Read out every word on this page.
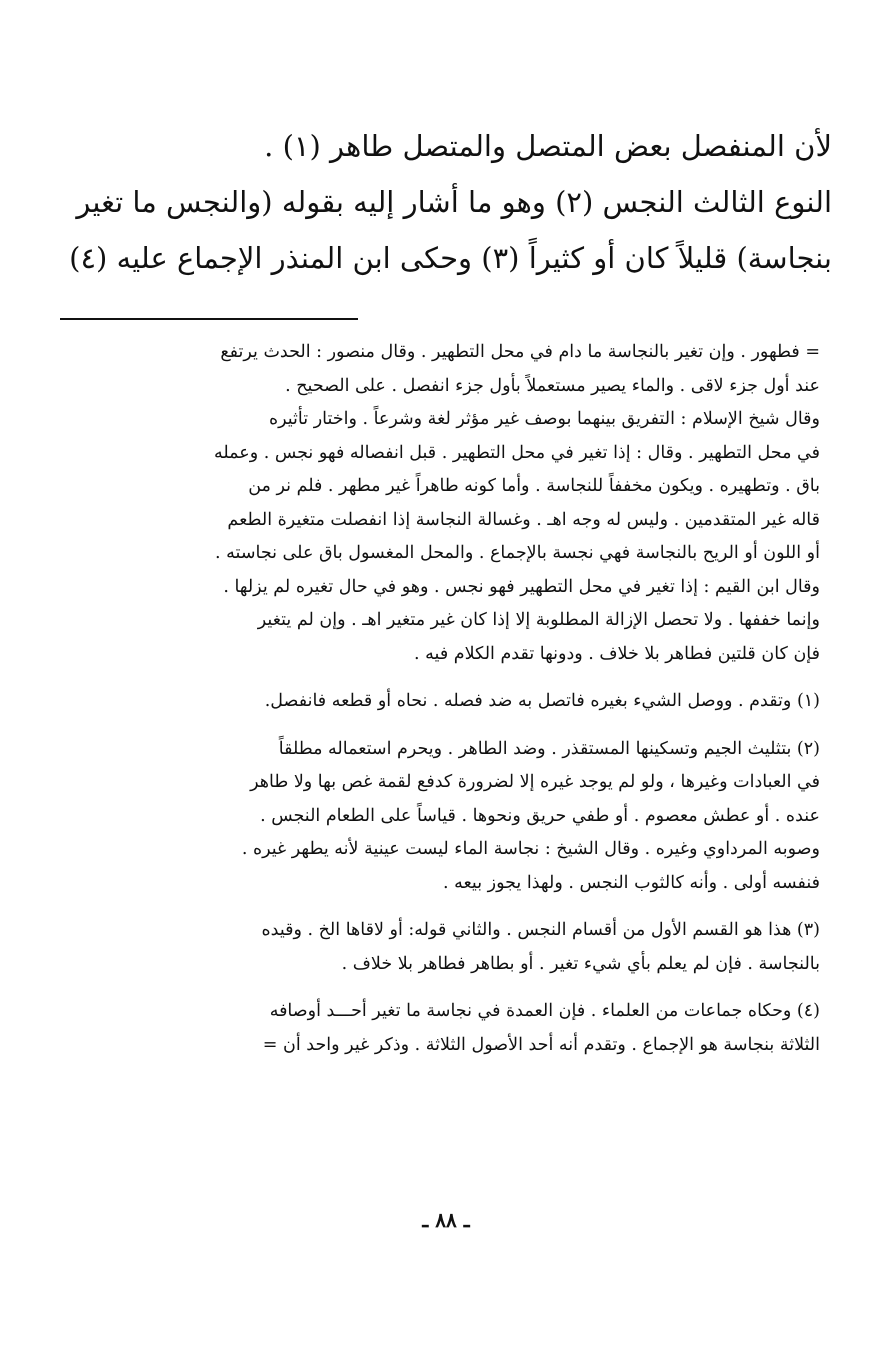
لأن المنفصل بعض المتصل والمتصل طاهر (١) .
النوع الثالث النجس (٢) وهو ما أشار إليه بقوله (والنجس ما تغير
بنجاسة) قليلاً كان أو كثيراً (٣) وحكى ابن المنذر الإجماع عليه (٤)
= فطهور . وإن تغير بالنجاسة ما دام في محل التطهير . وقال منصور : الحدث يرتفع
عند أول جزء لاقى . والماء يصير مستعملاً بأول جزء انفصل . على الصحيح .
وقال شيخ الإسلام : التفريق بينهما بوصف غير مؤثر لغة وشرعاً . واختار تأثيره
في محل التطهير . وقال : إذا تغير في محل التطهير . قبل انفصاله فهو نجس . وعمله
باق . وتطهيره . ويكون مخففاً للنجاسة . وأما كونه طاهراً غير مطهر . فلم نر من
قاله غير المتقدمين . وليس له وجه اهـ . وغسالة النجاسة إذا انفصلت متغيرة الطعم
أو اللون أو الريح بالنجاسة فهي نجسة بالإجماع . والمحل المغسول باق على نجاسته .
وقال ابن القيم : إذا تغير في محل التطهير فهو نجس . وهو في حال تغيره لم يزلها .
وإنما خففها . ولا تحصل الإزالة المطلوبة إلا إذا كان غير متغير اهـ . وإن لم يتغير
فإن كان قلتين فطاهر بلا خلاف . ودونها تقدم الكلام فيه .
(١) وتقدم . ووصل الشيء بغيره فاتصل به ضد فصله . نحاه أو قطعه فانفصل.
(٢) بتثليث الجيم وتسكينها المستقذر . وضد الطاهر . ويحرم استعماله مطلقاً
في العبادات وغيرها ، ولو لم يوجد غيره إلا لضرورة كدفع لقمة غص بها ولا طاهر
عنده . أو عطش معصوم . أو طفي حريق ونحوها . قياساً على الطعام النجس .
وصوبه المرداوي وغيره . وقال الشيخ : نجاسة الماء ليست عينية لأنه يطهر غيره .
فنفسه أولى . وأنه كالثوب النجس . ولهذا يجوز بيعه .
(٣) هذا هو القسم الأول من أقسام النجس . والثاني قوله: أو لاقاها الخ . وقيده
بالنجاسة . فإن لم يعلم بأي شيء تغير . أو بطاهر فطاهر بلا خلاف .
(٤) وحكاه جماعات من العلماء . فإن العمدة في نجاسة ما تغير أحـــد أوصافه
الثلاثة بنجاسة هو الإجماع . وتقدم أنه أحد الأصول الثلاثة . وذكر غير واحد أن =
ـ ٨٨ ـ
